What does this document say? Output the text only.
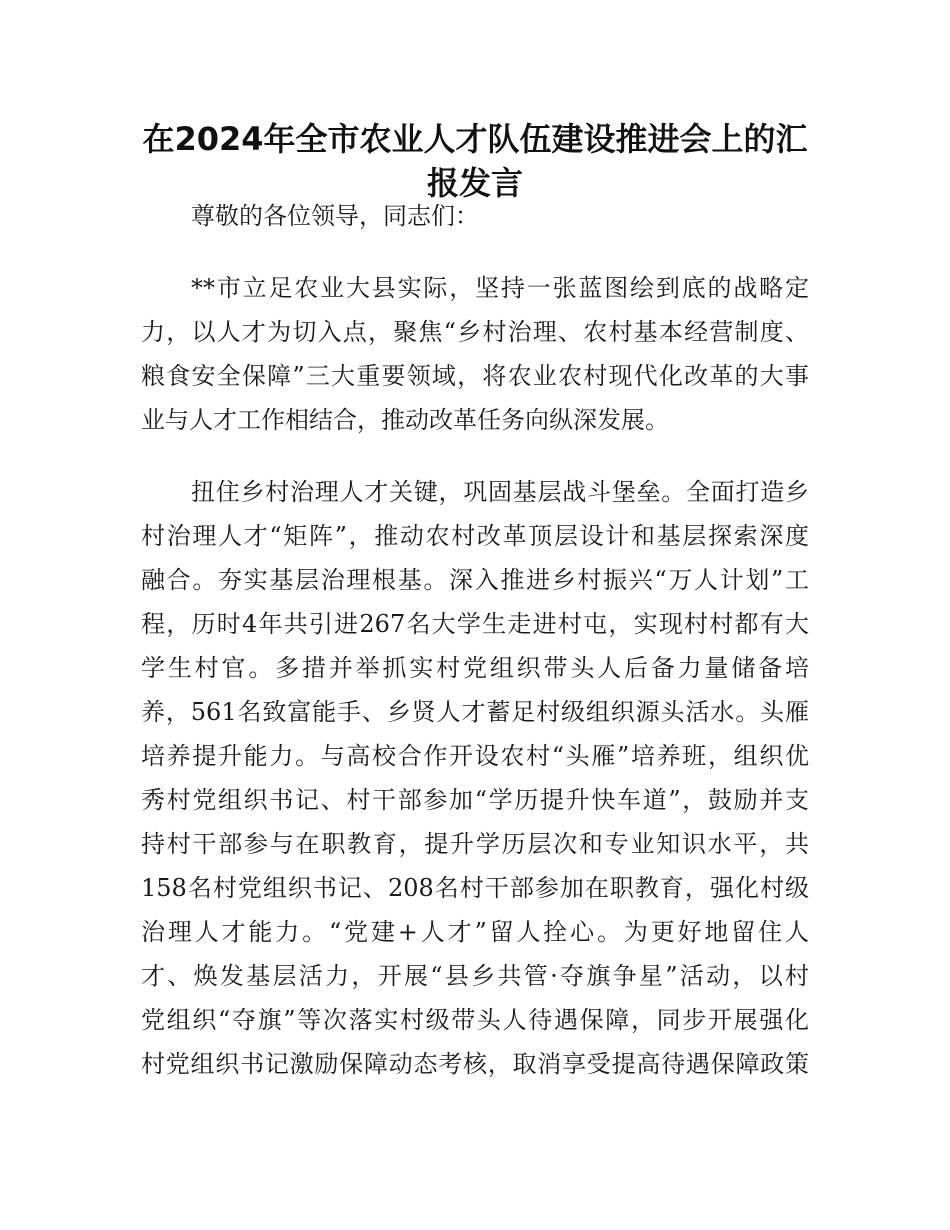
在2024年全市农业人才队伍建设推进会上的汇
报发言
尊敬的各位领导，同志们：
**市立足农业大县实际，坚持一张蓝图绘到底的战略定
力，以人才为切入点，聚焦“乡村治理、农村基本经营制度、
粮食安全保障”三大重要领域，将农业农村现代化改革的大事
业与人才工作相结合，推动改革任务向纵深发展。
扭住乡村治理人才关键，巩固基层战斗堡垒。全面打造乡
村治理人才“矩阵”，推动农村改革顶层设计和基层探索深度
融合。夯实基层治理根基。深入推进乡村振兴“万人计划”工
程，历时4年共引进267名大学生走进村屯，实现村村都有大
学生村官。多措并举抓实村党组织带头人后备力量储备培
养，561名致富能手、乡贤人才蓄足村级组织源头活水。头雁
培养提升能力。与高校合作开设农村“头雁”培养班，组织优
秀村党组织书记、村干部参加“学历提升快车道”，鼓励并支
持村干部参与在职教育，提升学历层次和专业知识水平，共
158名村党组织书记、208名村干部参加在职教育，强化村级
治理人才能力。“党建+人才”留人拴心。为更好地留住人
才、焕发基层活力，开展“县乡共管·夺旗争星”活动，以村
党组织“夺旗”等次落实村级带头人待遇保障，同步开展强化
村党组织书记激励保障动态考核，取消享受提高待遇保障政策
